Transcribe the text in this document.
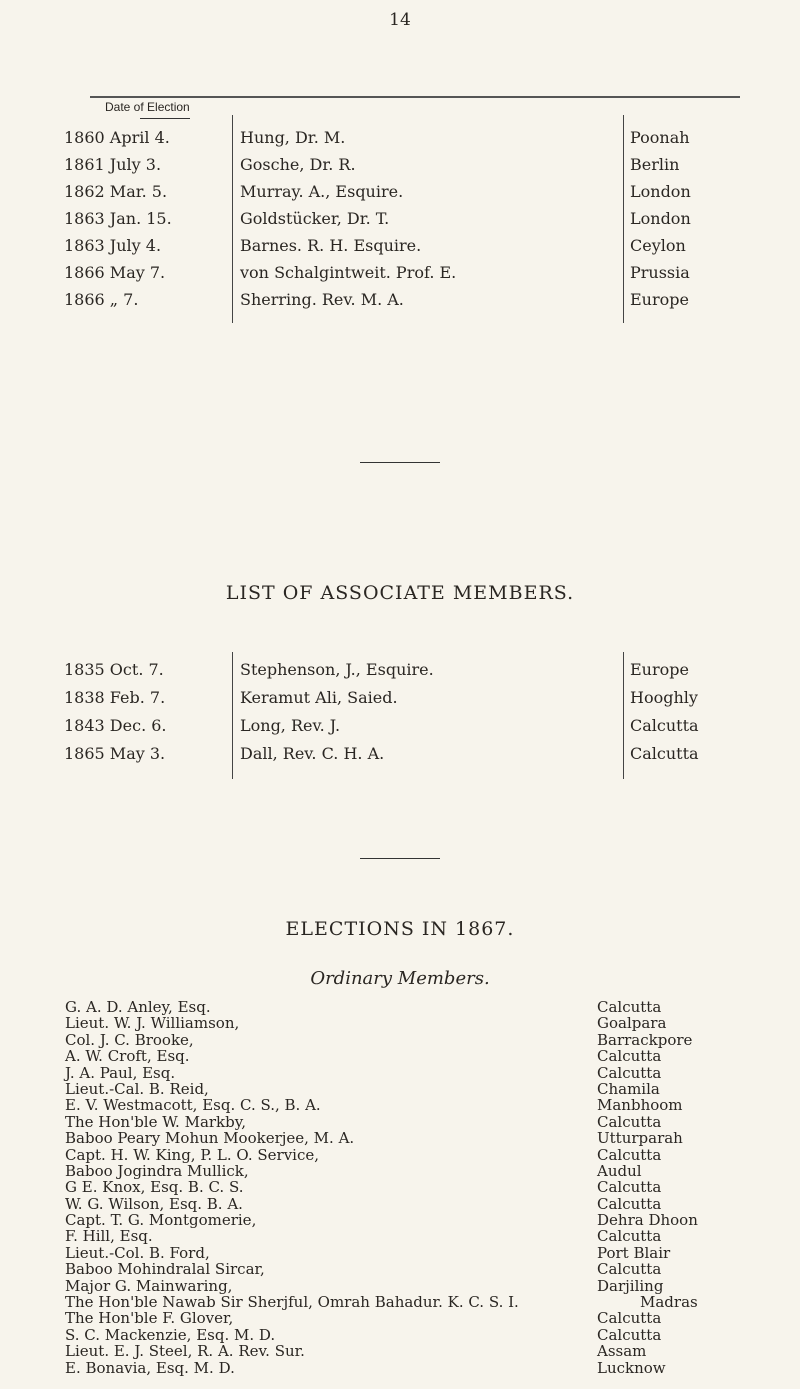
14
Date of Election
1860 April 4.	Hung, Dr. M.	Poonah
1861 July 3.	Gosche, Dr. R.	Berlin
1862 Mar. 5.	Murray. A., Esquire.	London
1863 Jan. 15.	Goldstücker, Dr. T.	London
1863 July 4.	Barnes. R. H. Esquire.	Ceylon
1866 May 7.	von Schalgintweit. Prof. E.	Prussia
1866 „ 7.	Sherring. Rev. M. A.	Europe
LIST OF ASSOCIATE MEMBERS.
1835 Oct. 7.	Stephenson, J., Esquire.	Europe
1838 Feb. 7.	Keramut Ali, Saied.	Hooghly
1843 Dec. 6.	Long, Rev. J.	Calcutta
1865 May 3.	Dall, Rev. C. H. A.	Calcutta
ELECTIONS IN 1867.
Ordinary Members.
G. A. D. Anley, Esq.	Calcutta
Lieut. W. J. Williamson,	Goalpara
Col. J. C. Brooke,	Barrackpore
A. W. Croft, Esq.	Calcutta
J. A. Paul, Esq.	Calcutta
Lieut.-Cal. B. Reid,	Chamila
E. V. Westmacott, Esq. C. S., B. A.	Manbhoom
The Hon'ble W. Markby,	Calcutta
Baboo Peary Mohun Mookerjee, M. A.	Utturparah
Capt. H. W. King, P. L. O. Service,	Calcutta
Baboo Jogindra Mullick,	Audul
G E. Knox, Esq. B. C. S.	Calcutta
W. G. Wilson, Esq. B. A.	Calcutta
Capt. T. G. Montgomerie,	Dehra Dhoon
F. Hill, Esq.	Calcutta
Lieut.-Col. B. Ford,	Port Blair
Baboo Mohindralal Sircar,	Calcutta
Major G. Mainwaring,	Darjiling
The Hon'ble Nawab Sir Sherjful, Omrah Bahadur. K. C. S. I.	Madras
The Hon'ble F. Glover,	Calcutta
S. C. Mackenzie, Esq. M. D.	Calcutta
Lieut. E. J. Steel, R. A. Rev. Sur.	Assam
E. Bonavia, Esq. M. D.	Lucknow
